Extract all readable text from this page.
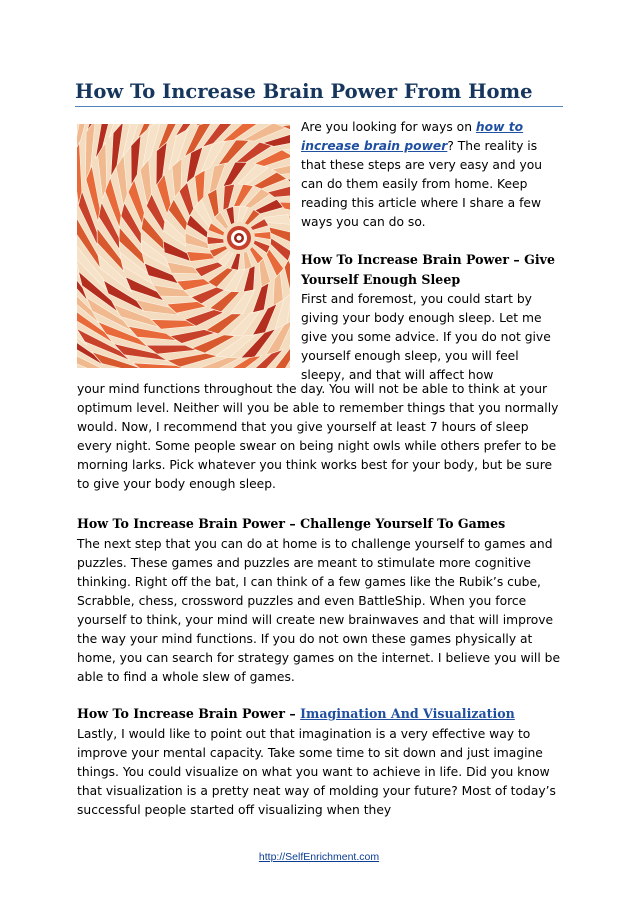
How To Increase Brain Power From Home

Are you looking for ways on how to increase brain power? The reality is that these steps are very easy and you can do them easily from home. Keep reading this article where I share a few ways you can do so.

How To Increase Brain Power – Give Yourself Enough Sleep

First and foremost, you could start by giving your body enough sleep. Let me give you some advice. If you do not give yourself enough sleep, you will feel sleepy, and that will affect how

your mind functions throughout the day. You will not be able to think at your optimum level. Neither will you be able to remember things that you normally would. Now, I recommend that you give yourself at least 7 hours of sleep every night. Some people swear on being night owls while others prefer to be morning larks. Pick whatever you think works best for your body, but be sure to give your body enough sleep.

How To Increase Brain Power – Challenge Yourself To Games

The next step that you can do at home is to challenge yourself to games and puzzles. These games and puzzles are meant to stimulate more cognitive thinking. Right off the bat, I can think of a few games like the Rubik’s cube, Scrabble, chess, crossword puzzles and even BattleShip. When you force yourself to think, your mind will create new brainwaves and that will improve the way your mind functions. If you do not own these games physically at home, you can search for strategy games on the internet. I believe you will be able to find a whole slew of games.

How To Increase Brain Power – Imagination And Visualization

Lastly, I would like to point out that imagination is a very effective way to improve your mental capacity. Take some time to sit down and just imagine things. You could visualize on what you want to achieve in life. Did you know that visualization is a pretty neat way of molding your future? Most of today’s successful people started off visualizing when they

http://SelfEnrichment.com
